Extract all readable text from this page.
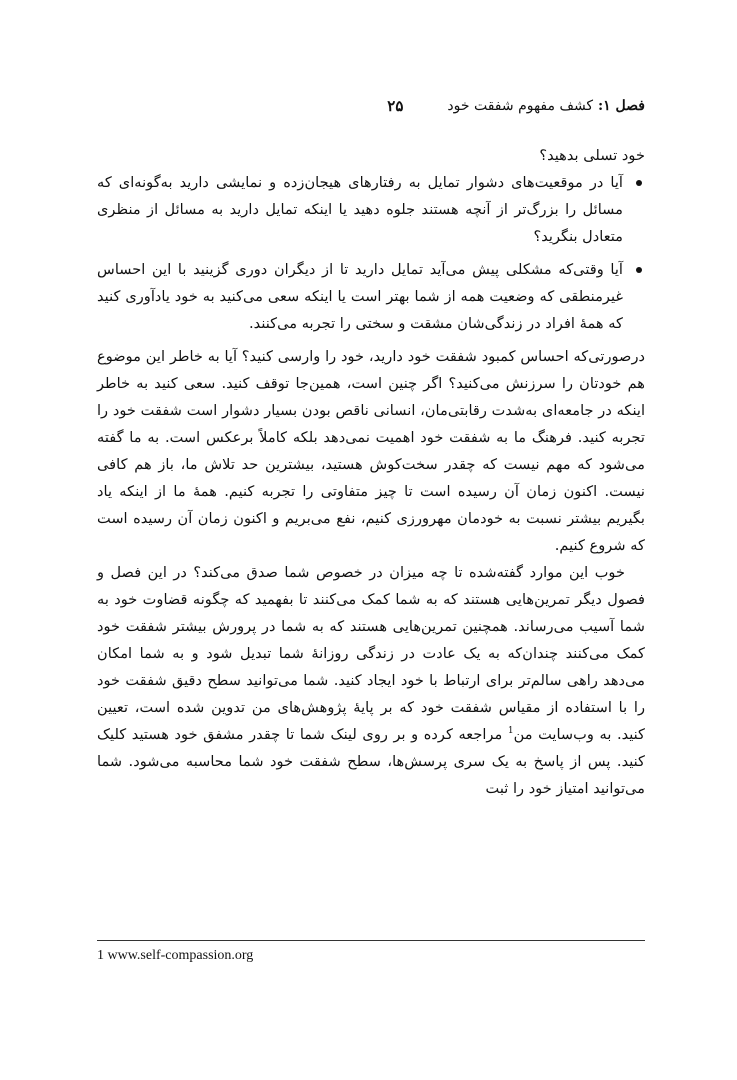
فصل ۱: کشف مفهوم شفقت خود
۲۵

خود تسلی بدهید؟

آیا در موقعیت‌های دشوار تمایل به رفتارهای هیجان‌زده و نمایشی دارید به‌گونه‌ای که مسائل را بزرگ‌تر از آنچه هستند جلوه دهید یا اینکه تمایل دارید به مسائل از منظری متعادل بنگرید؟
آیا وقتی‌که مشکلی پیش می‌آید تمایل دارید تا از دیگران دوری گزینید با این احساس غیرمنطقی که وضعیت همه از شما بهتر است یا اینکه سعی می‌کنید به خود یادآوری کنید که همهٔ افراد در زندگی‌شان مشقت و سختی را تجربه می‌کنند.

درصورتی‌که احساس کمبود شفقت خود دارید، خود را وارسی کنید؟ آیا به خاطر این موضوع هم خودتان را سرزنش می‌کنید؟ اگر چنین است، همین‌جا توقف کنید. سعی کنید به خاطر اینکه در جامعه‌ای به‌شدت رقابتی‌مان، انسانی ناقص بودن بسیار دشوار است شفقت خود را تجربه کنید. فرهنگ ما به شفقت خود اهمیت نمی‌دهد بلکه کاملاً برعکس است. به ما گفته می‌شود که مهم نیست که چقدر سخت‌کوش هستید، بیشترین حد تلاش ما، باز هم کافی نیست. اکنون زمان آن رسیده است تا چیز متفاوتی را تجربه کنیم. همهٔ ما از اینکه یاد بگیریم بیشتر نسبت به خودمان مهرورزی کنیم، نفع می‌بریم و اکنون زمان آن رسیده است که شروع کنیم.

خوب این موارد گفته‌شده تا چه میزان در خصوص شما صدق می‌کند؟ در این فصل و فصول دیگر تمرین‌هایی هستند که به شما کمک می‌کنند تا بفهمید که چگونه قضاوت خود به شما آسیب می‌رساند. همچنین تمرین‌هایی هستند که به شما در پرورش بیشتر شفقت خود کمک می‌کنند چندان‌که به یک عادت در زندگی روزانهٔ شما تبدیل شود و به شما امکان می‌دهد راهی سالم‌تر برای ارتباط با خود ایجاد کنید. شما می‌توانید سطح دقیق شفقت خود را با استفاده از مقیاس شفقت خود که بر پایهٔ پژوهش‌های من تدوین شده است، تعیین کنید. به وب‌سایت من$^1$ مراجعه کرده و بر روی لینک شما تا چقدر مشفق خود هستید کلیک کنید. پس از پاسخ به یک سری پرسش‌ها، سطح شفقت خود شما محاسبه می‌شود. شما می‌توانید امتیاز خود را ثبت

1 www.self-compassion.org
